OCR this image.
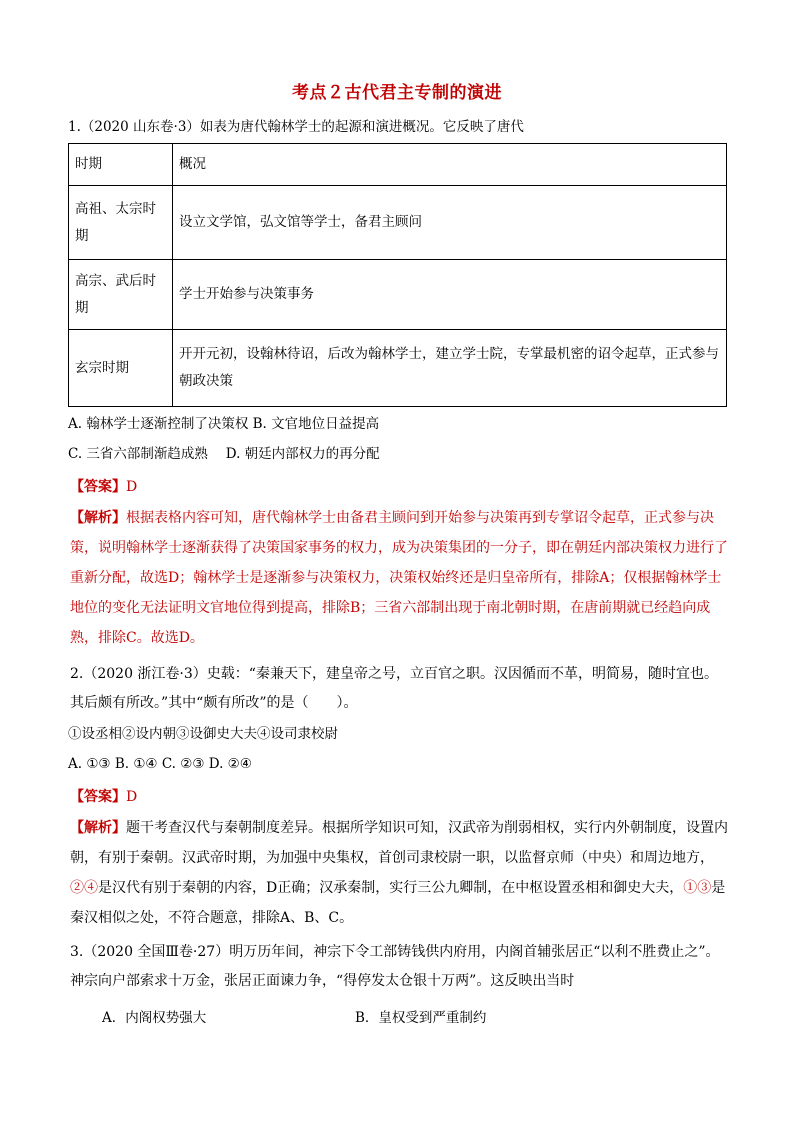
考点２古代君主专制的演进
1.（2020 山东卷·3）如表为唐代翰林学士的起源和演进概况。它反映了唐代
时期	概况
高祖、太宗时期	设立文学馆，弘文馆等学士，备君主顾问
高宗、武后时期	学士开始参与决策事务
玄宗时期	开开元初，设翰林待诏，后改为翰林学士，建立学士院，专掌最机密的诏令起草，正式参与朝政决策
A. 翰林学士逐渐控制了决策权 B. 文官地位日益提高
C. 三省六部制渐趋成熟　 D. 朝廷内部权力的再分配
【答案】D
【解析】根据表格内容可知，唐代翰林学士由备君主顾问到开始参与决策再到专掌诏令起草，正式参与决策，说明翰林学士逐渐获得了决策国家事务的权力，成为决策集团的一分子，即在朝廷内部决策权力进行了重新分配，故选D；翰林学士是逐渐参与决策权力，决策权始终还是归皇帝所有，排除A；仅根据翰林学士地位的变化无法证明文官地位得到提高，排除B；三省六部制出现于南北朝时期，在唐前期就已经趋向成熟，排除C。故选D。
2.（2020 浙江卷·3）史载：“秦兼天下，建皇帝之号，立百官之职。汉因循而不革，明简易，随时宜也。其后颇有所改。”其中“颇有所改”的是（　　）。
①设丞相②设内朝③设御史大夫④设司隶校尉
A. ①③ B. ①④ C. ②③ D. ②④
【答案】D
【解析】题干考查汉代与秦朝制度差异。根据所学知识可知，汉武帝为削弱相权，实行内外朝制度，设置内朝，有别于秦朝。汉武帝时期，为加强中央集权，首创司隶校尉一职，以监督京师（中央）和周边地方，②④是汉代有别于秦朝的内容，D正确；汉承秦制，实行三公九卿制，在中枢设置丞相和御史大夫，①③是秦汉相似之处，不符合题意，排除A、B、C。
3.（2020 全国Ⅲ卷·27）明万历年间，神宗下令工部铸钱供内府用，内阁首辅张居正“以利不胜费止之”。神宗向户部索求十万金，张居正面谏力争，“得停发太仓银十万两”。这反映出当时
A．内阁权势强大	B．皇权受到严重制约
